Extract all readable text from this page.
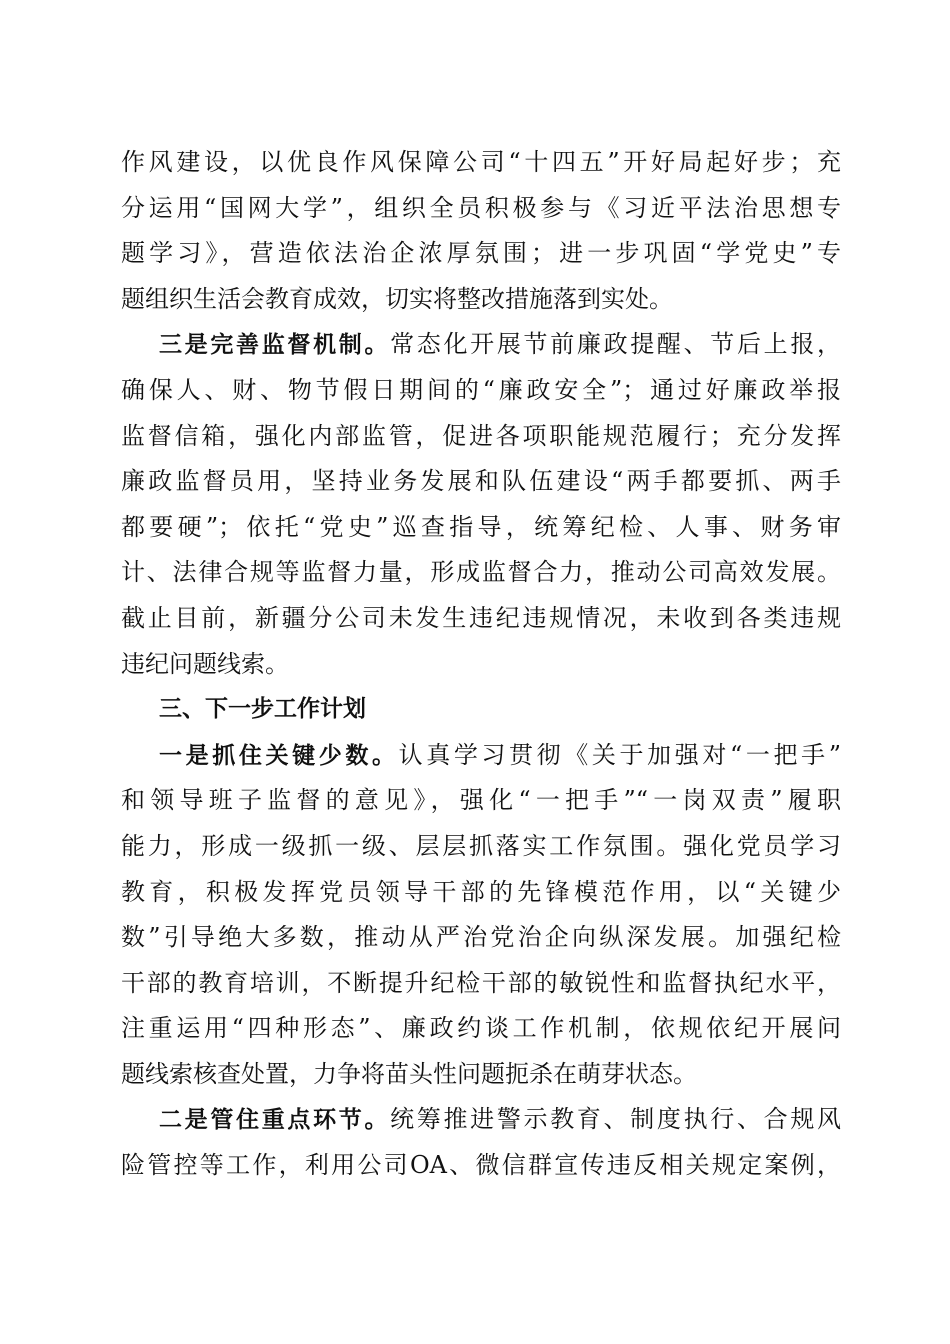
作风建设，以优良作风保障公司“十四五”开好局起好步；充
分运用“国网大学”，组织全员积极参与《习近平法治思想专
题学习》，营造依法治企浓厚氛围；进一步巩固“学党史”专
题组织生活会教育成效，切实将整改措施落到实处。
三是完善监督机制。常态化开展节前廉政提醒、节后上报，
确保人、财、物节假日期间的“廉政安全”；通过好廉政举报
监督信箱，强化内部监管，促进各项职能规范履行；充分发挥
廉政监督员用，坚持业务发展和队伍建设“两手都要抓、两手
都要硬”；依托“党史”巡查指导，统筹纪检、人事、财务审
计、法律合规等监督力量，形成监督合力，推动公司高效发展。
截止目前，新疆分公司未发生违纪违规情况，未收到各类违规
违纪问题线索。
三、下一步工作计划
一是抓住关键少数。认真学习贯彻《关于加强对“一把手”
和领导班子监督的意见》，强化“一把手”“一岗双责”履职
能力，形成一级抓一级、层层抓落实工作氛围。强化党员学习
教育，积极发挥党员领导干部的先锋模范作用，以“关键少
数”引导绝大多数，推动从严治党治企向纵深发展。加强纪检
干部的教育培训，不断提升纪检干部的敏锐性和监督执纪水平，
注重运用“四种形态”、廉政约谈工作机制，依规依纪开展问
题线索核查处置，力争将苗头性问题扼杀在萌芽状态。
二是管住重点环节。统筹推进警示教育、制度执行、合规风
险管控等工作，利用公司OA、微信群宣传违反相关规定案例，
